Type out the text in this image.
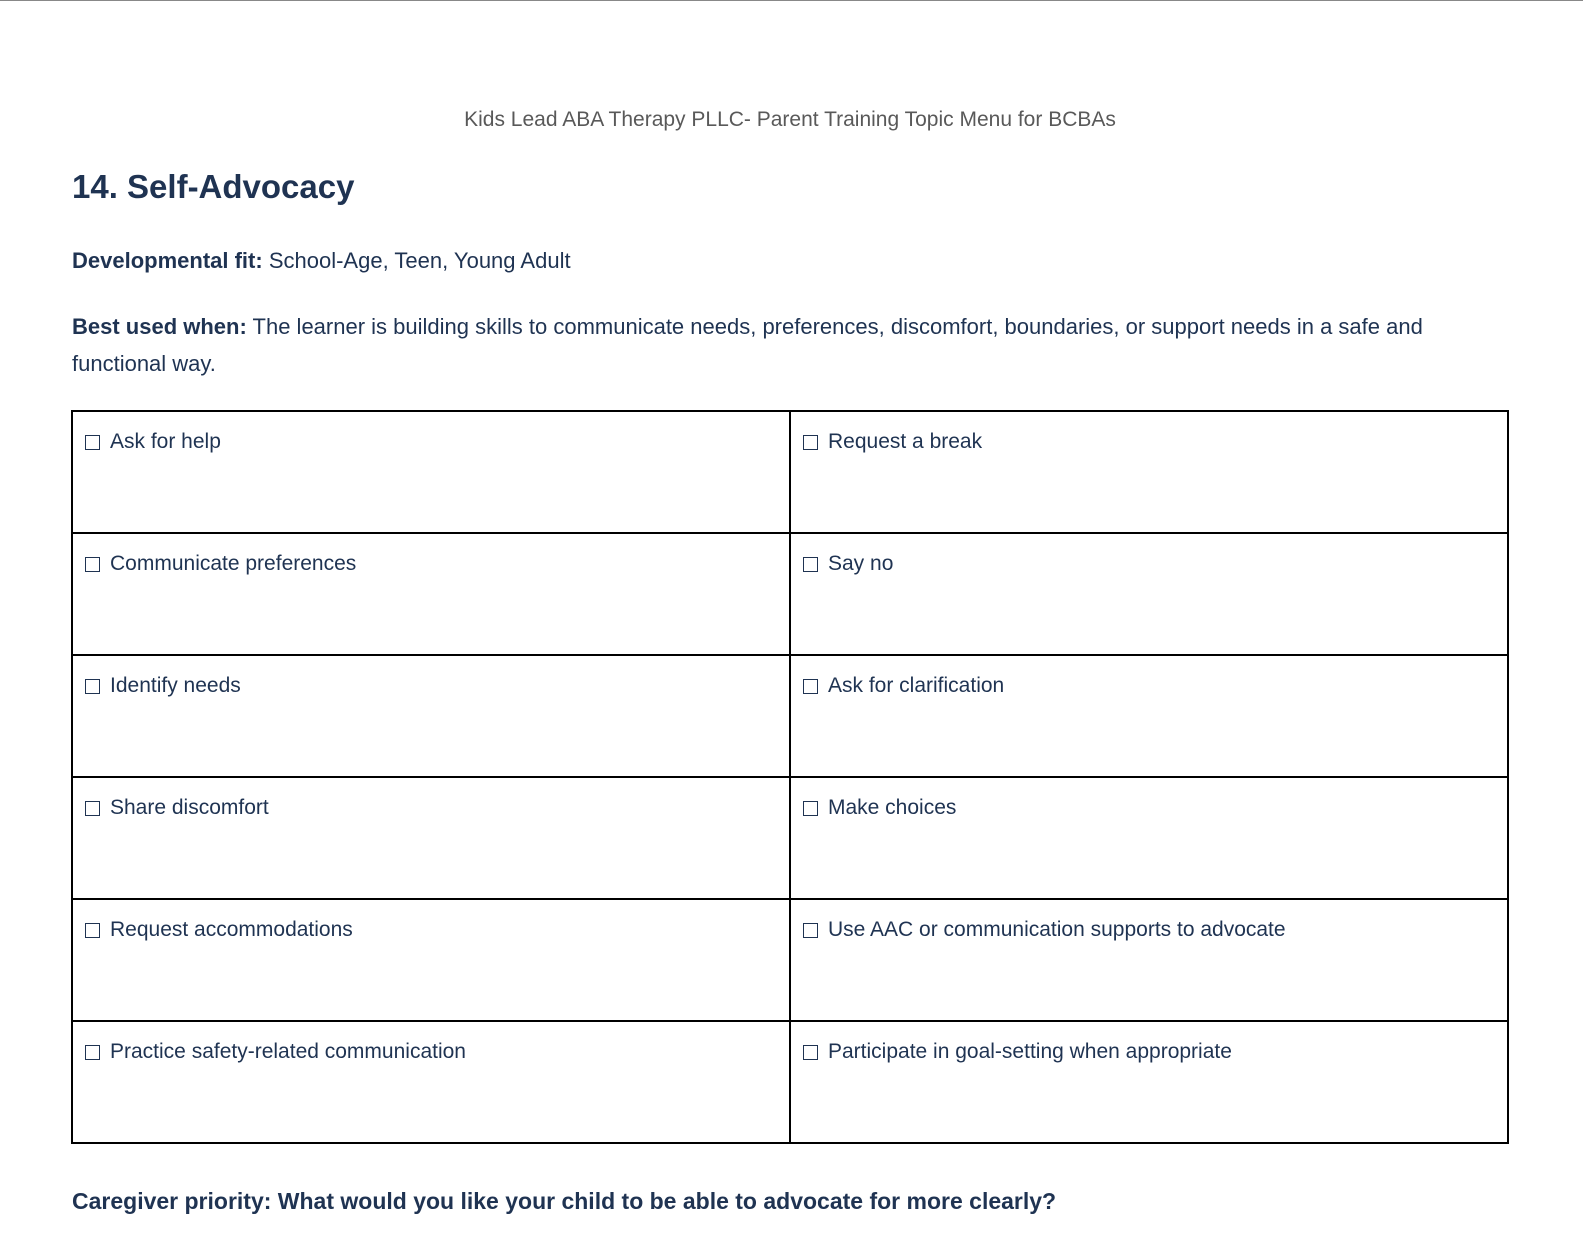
Kids Lead ABA Therapy PLLC- Parent Training Topic Menu for BCBAs
14. Self-Advocacy

Developmental fit: School-Age, Teen, Young Adult

Best used when: The learner is building skills to communicate needs, preferences, discomfort, boundaries, or support needs in a safe and functional way.

Ask for help	Request a break

Communicate preferences	Say no

Identify needs	Ask for clarification

Share discomfort	Make choices

Request accommodations	Use AAC or communication supports to advocate

Practice safety-related communication	Participate in goal-setting when appropriate

Caregiver priority: What would you like your child to be able to advocate for more clearly?
